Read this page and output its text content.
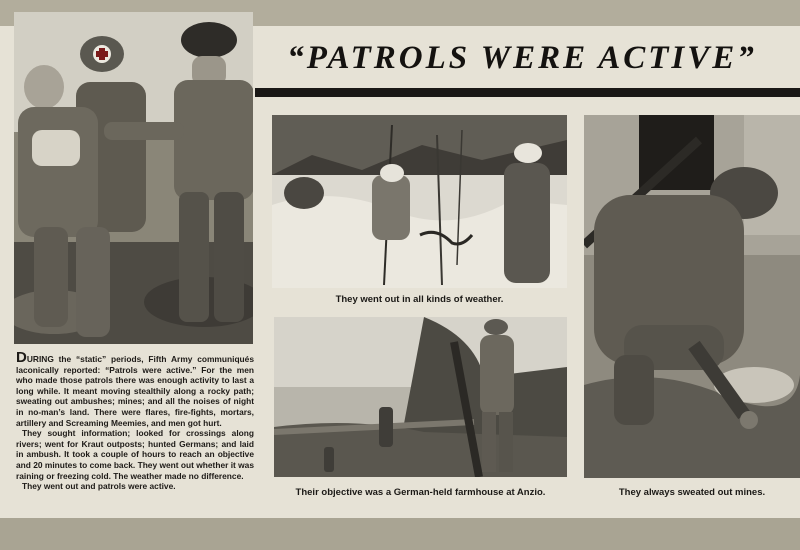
“PATROLS WERE ACTIVE”
They went out in all kinds of weather.
Their objective was a German-held farmhouse at Anzio.	They always sweated out mines.

DURING the “static” periods, Fifth Army communiqués laconically reported: “Patrols were active.” For the men who made those patrols there was enough activity to last a long while. It meant moving stealthily along a rocky path; sweating out ambushes; mines; and all the noises of night in no-man’s land. There were flares, fire-fights, mortars, artillery and Screaming Meemies, and men got hurt.

They sought information; looked for crossings along rivers; went for Kraut outposts; hunted Germans; and laid in ambush. It took a couple of hours to reach an objective and 20 minutes to come back. They went out whether it was raining or freezing cold. The weather made no difference.

They went out and patrols were active.
